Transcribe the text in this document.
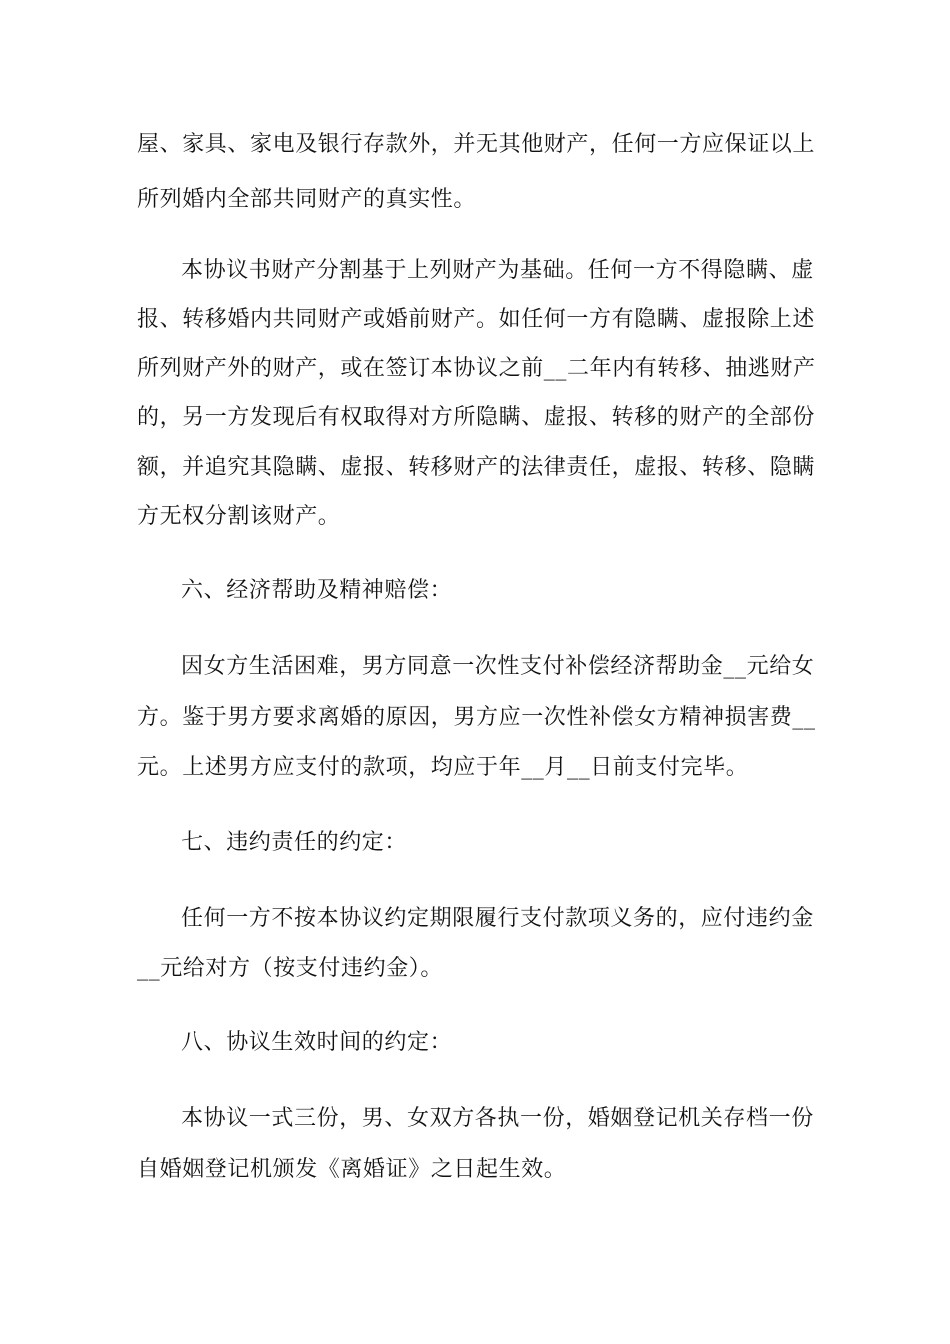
屋、家具、家电及银行存款外，并无其他财产，任何一方应保证以上
所列婚内全部共同财产的真实性。
本协议书财产分割基于上列财产为基础。任何一方不得隐瞒、虚
报、转移婚内共同财产或婚前财产。如任何一方有隐瞒、虚报除上述
所列财产外的财产，或在签订本协议之前__二年内有转移、抽逃财产
的，另一方发现后有权取得对方所隐瞒、虚报、转移的财产的全部份
额，并追究其隐瞒、虚报、转移财产的法律责任，虚报、转移、隐瞒
方无权分割该财产。
六、经济帮助及精神赔偿：
因女方生活困难，男方同意一次性支付补偿经济帮助金__元给女
方。鉴于男方要求离婚的原因，男方应一次性补偿女方精神损害费__
元。上述男方应支付的款项，均应于年__月__日前支付完毕。
七、违约责任的约定：
任何一方不按本协议约定期限履行支付款项义务的，应付违约金
__元给对方（按支付违约金）。
八、协议生效时间的约定：
本协议一式三份，男、女双方各执一份，婚姻登记机关存档一份
自婚姻登记机颁发《离婚证》之日起生效。
